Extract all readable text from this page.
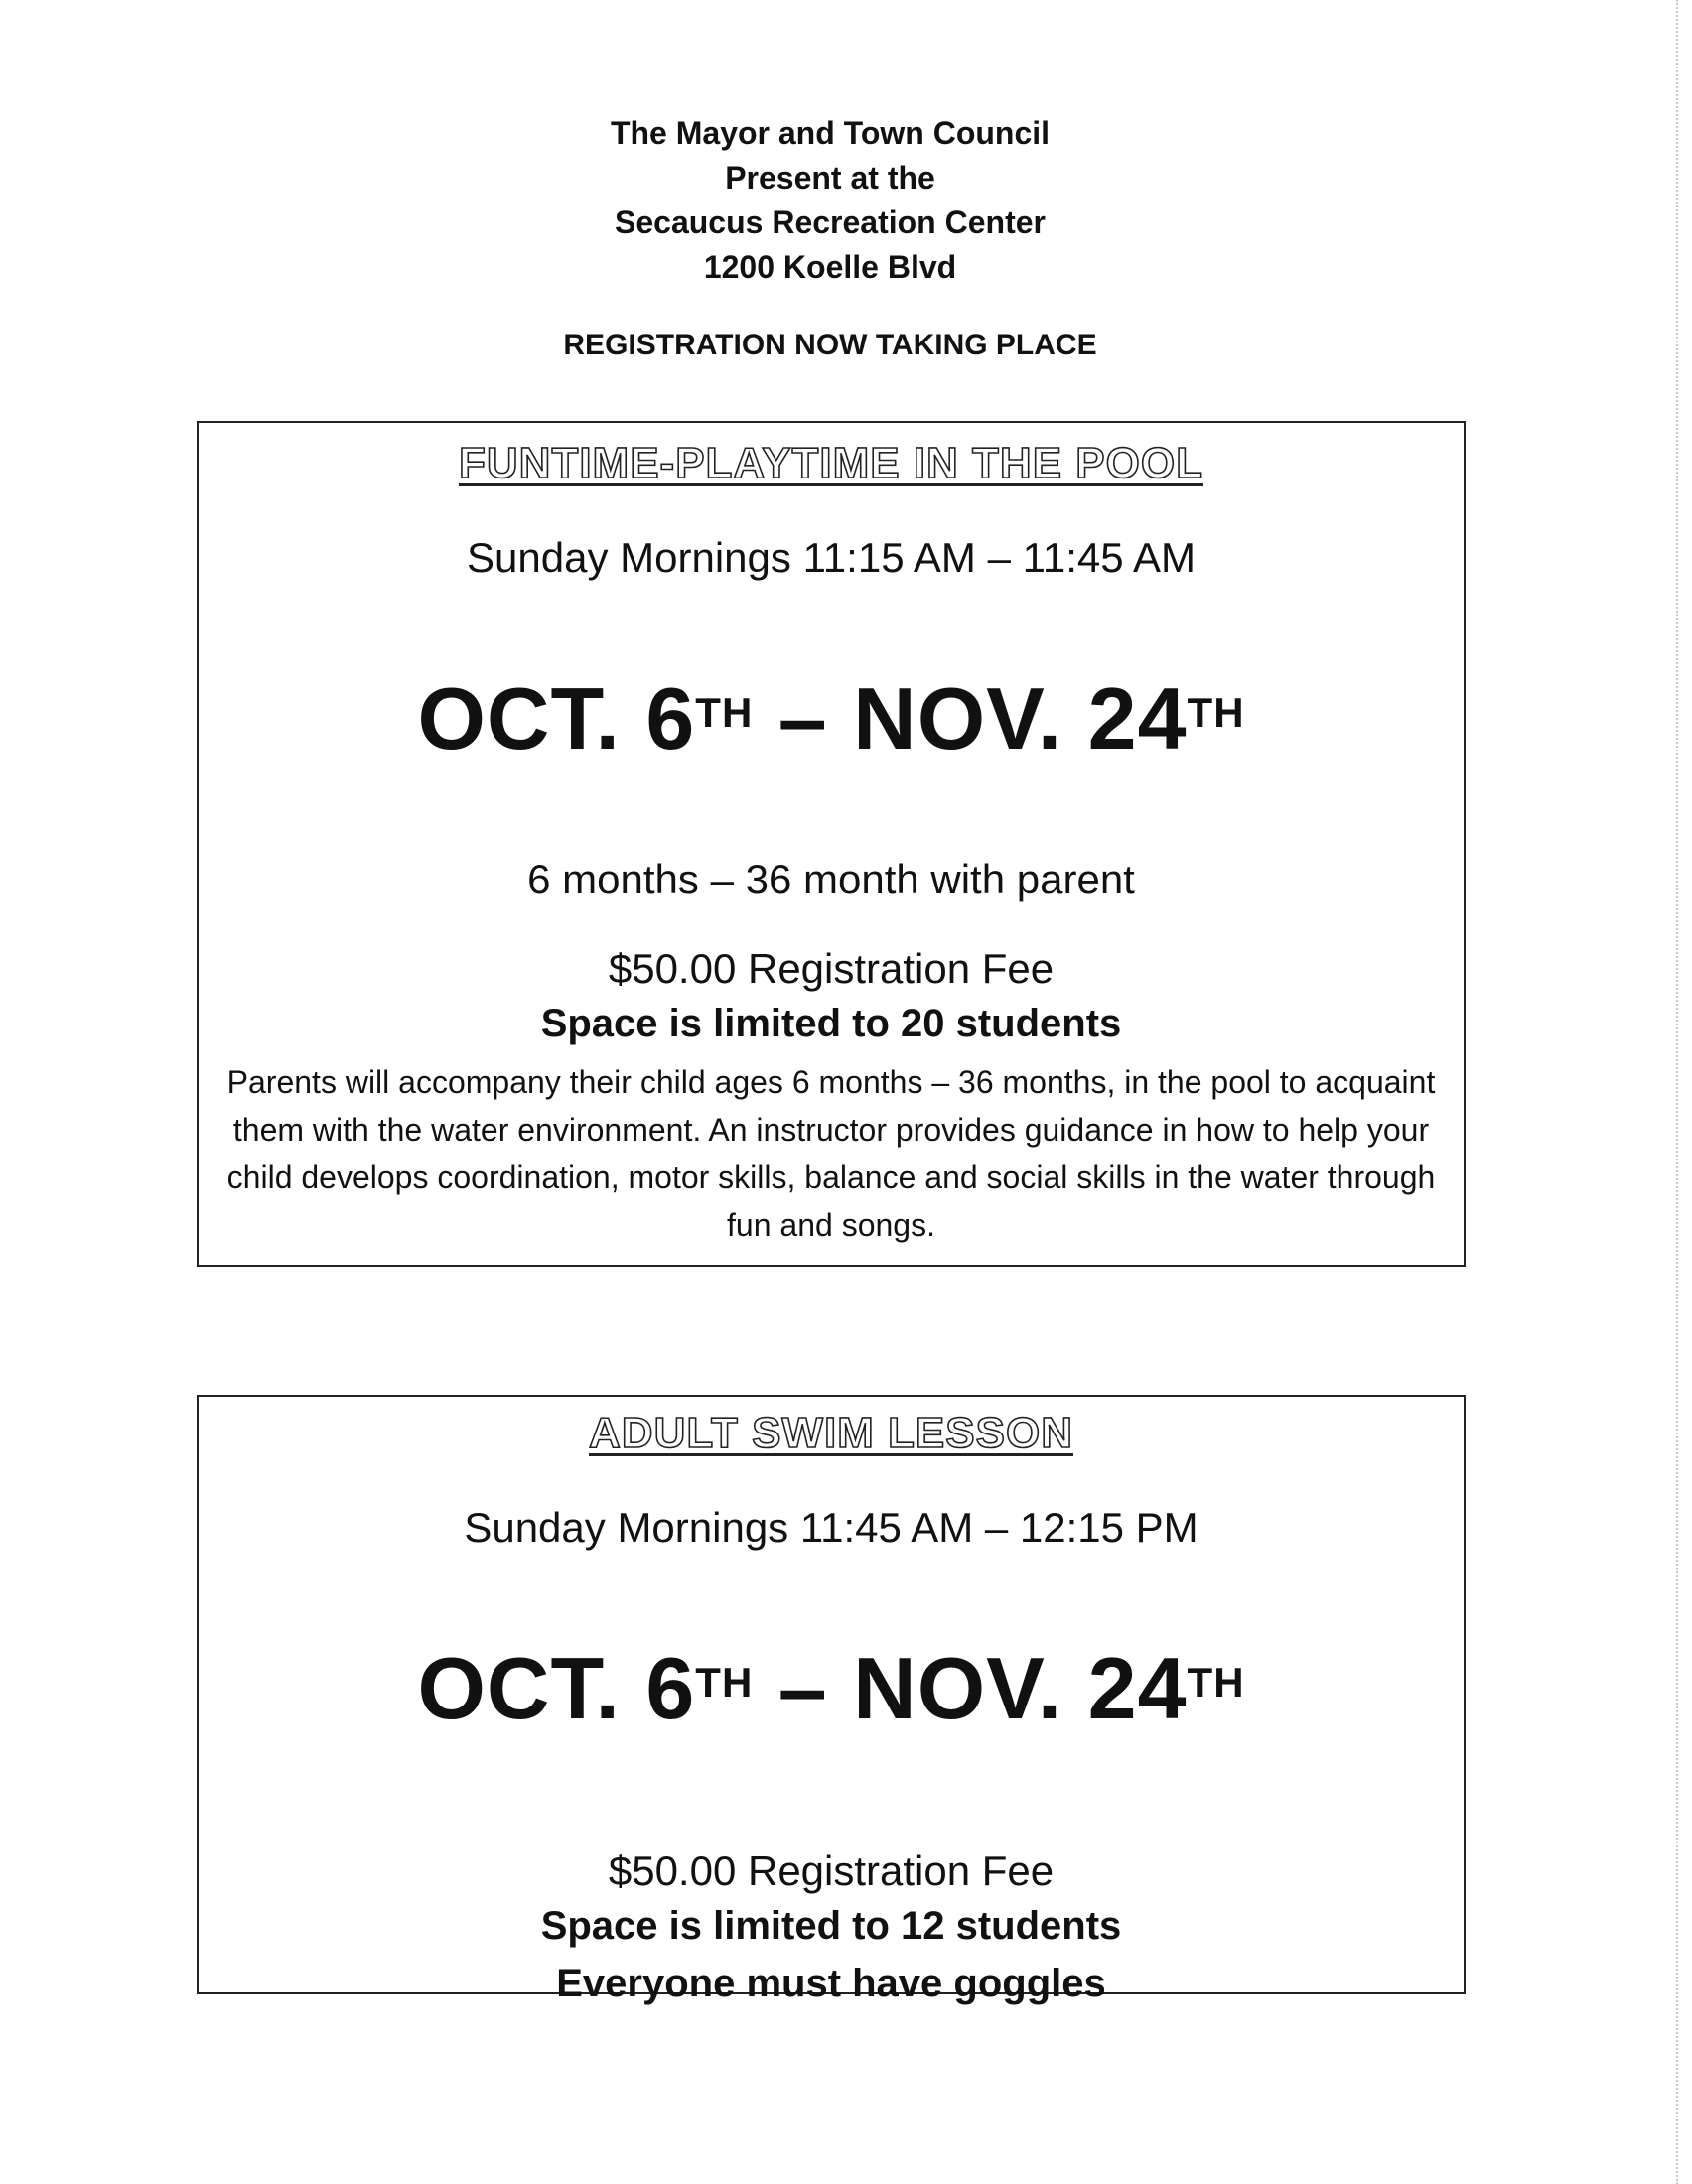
The Mayor and Town Council
Present at the
Secaucus Recreation Center
1200 Koelle Blvd
REGISTRATION NOW TAKING PLACE
FUNTIME-PLAYTIME IN THE POOL
Sunday Mornings 11:15 AM – 11:45 AM
OCT. 6TH – NOV. 24TH
6 months – 36 month with parent
$50.00 Registration Fee
Space is limited to 20 students
Parents will accompany their child ages 6 months – 36 months, in the pool to acquaint them with the water environment. An instructor provides guidance in how to help your child develops coordination, motor skills, balance and social skills in the water through fun and songs.
ADULT SWIM LESSON
Sunday Mornings 11:45 AM – 12:15 PM
OCT. 6TH – NOV. 24TH
$50.00 Registration Fee
Space is limited to 12 students
Everyone must have goggles
